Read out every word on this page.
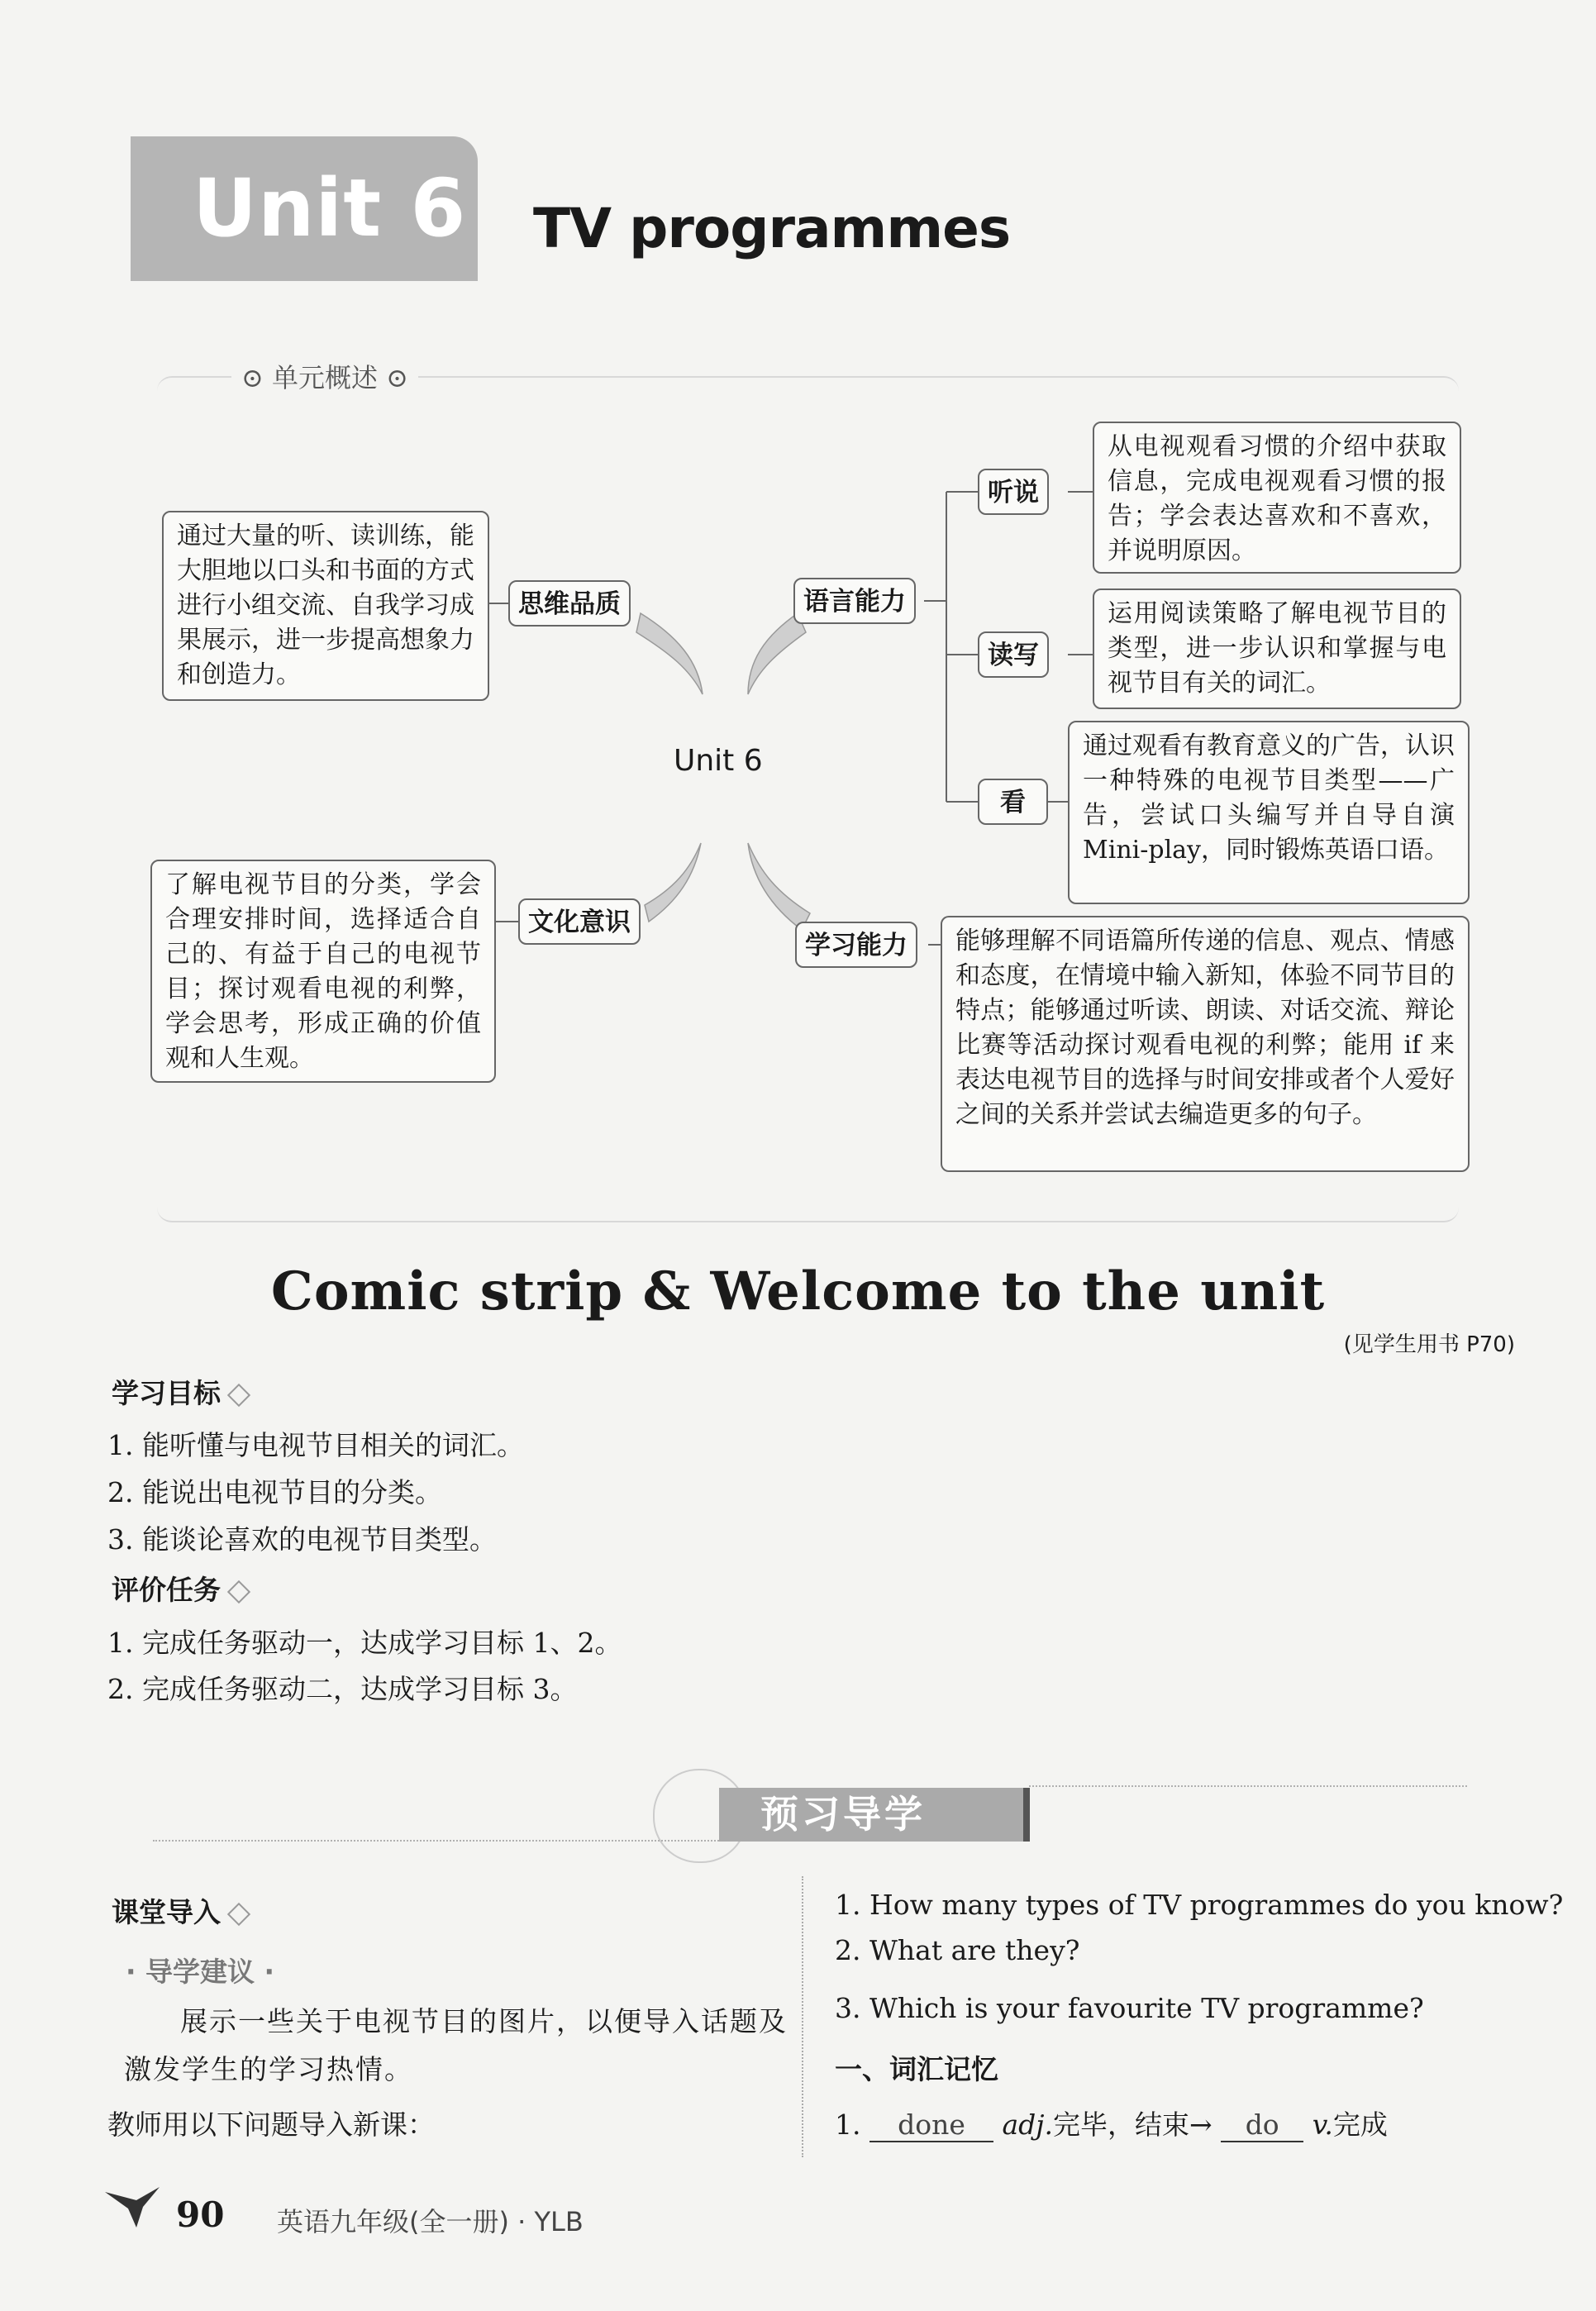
Unit 6 TV programmes
⊙ 单元概述 ⊙
Unit 6
通过大量的听、读训练，能大胆地以口头和书面的方式进行小组交流、自我学习成果展示，进一步提高想象力和创造力。
思维品质
了解电视节目的分类，学会合理安排时间，选择适合自己的、有益于自己的电视节目；探讨观看电视的利弊，学会思考，形成正确的价值观和人生观。
文化意识
语言能力
听说
从电视观看习惯的介绍中获取信息，完成电视观看习惯的报告；学会表达喜欢和不喜欢，并说明原因。
读写
运用阅读策略了解电视节目的类型，进一步认识和掌握与电视节目有关的词汇。
看
通过观看有教育意义的广告，认识一种特殊的电视节目类型——广告，尝试口头编写并自导自演 Mini-play，同时锻炼英语口语。
学习能力	能够理解不同语篇所传递的信息、观点、情感和态度，在情境中输入新知，体验不同节目的特点；能够通过听读、朗读、对话交流、辩论比赛等活动探讨观看电视的利弊；能用 if 来表达电视节目的选择与时间安排或者个人爱好之间的关系并尝试去编造更多的句子。
Comic strip & Welcome to the unit
(见学生用书 P70)
学习目标
1. 能听懂与电视节目相关的词汇。
2. 能说出电视节目的分类。
3. 能谈论喜欢的电视节目类型。
评价任务
1. 完成任务驱动一，达成学习目标 1、2。
2. 完成任务驱动二，达成学习目标 3。
预习导学
课堂导入
· 导学建议 ·
展示一些关于电视节目的图片，以便导入话题及
激发学生的学习热情。
教师用以下问题导入新课：
1. How many types of TV programmes do you know?
2. What are they?
3. Which is your favourite TV programme?
一、词汇记忆
1. done adj.完毕，结束→ do v.完成
90 英语九年级(全一册) · YLB
